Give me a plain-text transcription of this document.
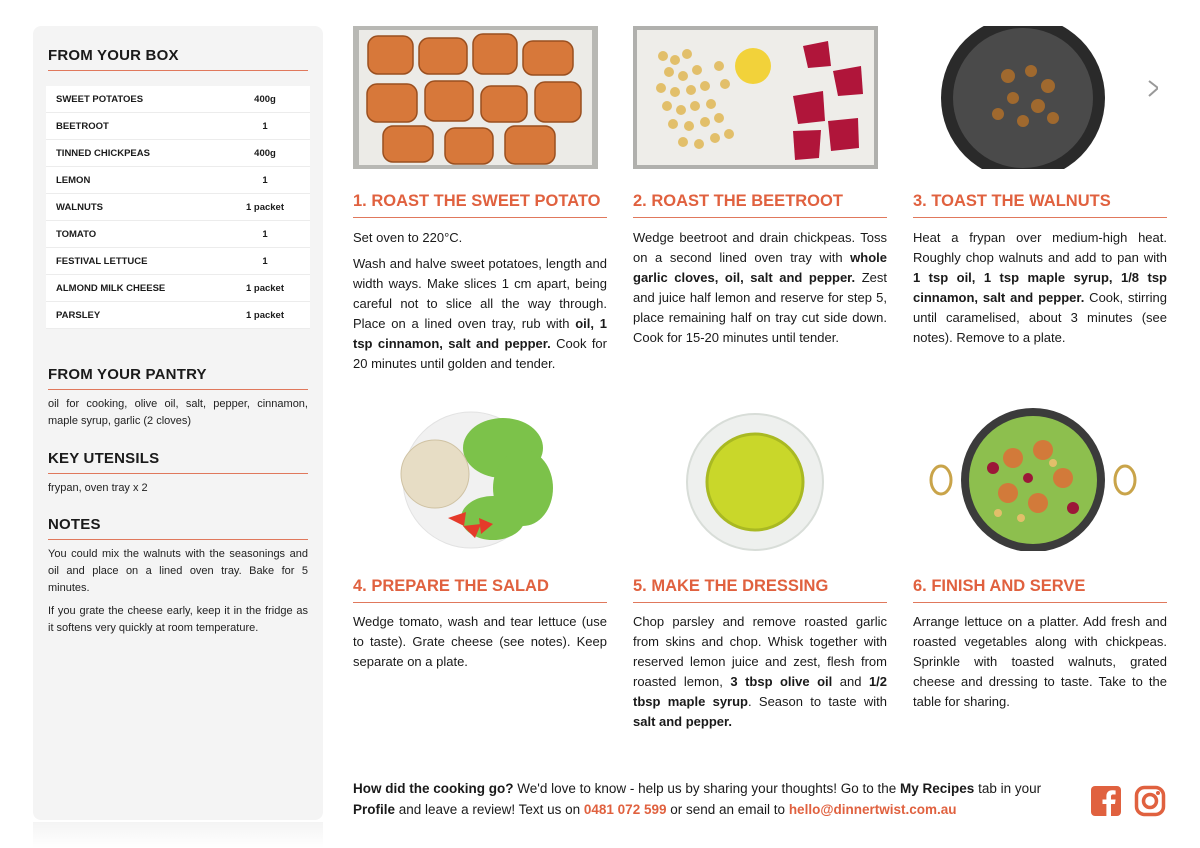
FROM YOUR BOX
SWEET POTATOES	400g
BEETROOT	1
TINNED CHICKPEAS	400g
LEMON	1
WALNUTS	1 packet
TOMATO	1
FESTIVAL LETTUCE	1
ALMOND MILK CHEESE	1 packet
PARSLEY	1 packet
FROM YOUR PANTRY

oil for cooking, olive oil, salt, pepper, cinnamon, maple syrup, garlic (2 cloves)

KEY UTENSILS

frypan, oven tray x 2

NOTES

You could mix the walnuts with the seasonings and oil and place on a lined oven tray. Bake for 5 minutes.

If you grate the cheese early, keep it in the fridge as it softens very quickly at room temperature.

1. ROAST THE SWEET POTATO

Set oven to 220°C.

Wash and halve sweet potatoes, length and width ways. Make slices 1 cm apart, being careful not to slice all the way through. Place on a lined oven tray, rub with oil, 1 tsp cinnamon, salt and pepper. Cook for 20 minutes until golden and tender.

2. ROAST THE BEETROOT

Wedge beetroot and drain chickpeas. Toss on a second lined oven tray with whole garlic cloves, oil, salt and pepper. Zest and juice half lemon and reserve for step 5, place remaining half on tray cut side down. Cook for 15-20 minutes until tender.

3. TOAST THE WALNUTS

Heat a frypan over medium-high heat. Roughly chop walnuts and add to pan with 1 tsp oil, 1 tsp maple syrup, 1/8 tsp cinnamon, salt and pepper. Cook, stirring until caramelised, about 3 minutes (see notes). Remove to a plate.

4. PREPARE THE SALAD

Wedge tomato, wash and tear lettuce (use to taste). Grate cheese (see notes). Keep separate on a plate.

5. MAKE THE DRESSING

Chop parsley and remove roasted garlic from skins and chop. Whisk together with reserved lemon juice and zest, flesh from roasted lemon, 3 tbsp olive oil and 1/2 tbsp maple syrup. Season to taste with salt and pepper.

6. FINISH AND SERVE

Arrange lettuce on a platter. Add fresh and roasted vegetables along with chickpeas. Sprinkle with toasted walnuts, grated cheese and dressing to taste. Take to the table for sharing.

How did the cooking go? We'd love to know - help us by sharing your thoughts! Go to the My Recipes tab in your Profile and leave a review! Text us on 0481 072 599 or send an email to hello@dinnertwist.com.au
